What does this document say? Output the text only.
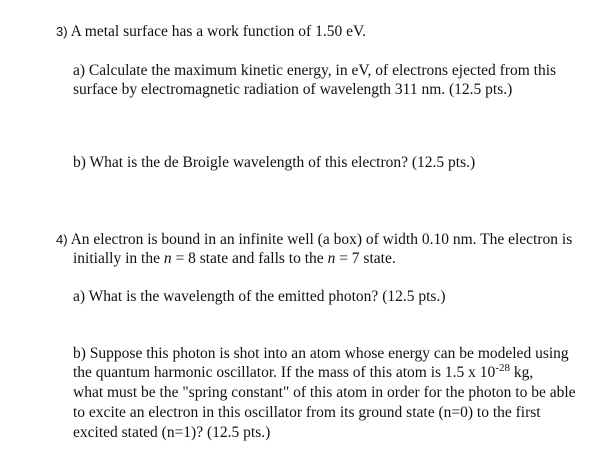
3) A metal surface has a work function of 1.50 eV.
a) Calculate the maximum kinetic energy, in eV, of electrons ejected from this
surface by electromagnetic radiation of wavelength 311 nm. (12.5 pts.)
b) What is the de Broigle wavelength of this electron? (12.5 pts.)
4) An electron is bound in an infinite well (a box) of width 0.10 nm. The electron is
initially in the n = 8 state and falls to the n = 7 state.
a) What is the wavelength of the emitted photon? (12.5 pts.)
b) Suppose this photon is shot into an atom whose energy can be modeled using
the quantum harmonic oscillator. If the mass of this atom is 1.5 x $10^{-28}$ kg,
what must be the "spring constant" of this atom in order for the photon to be able
to excite an electron in this oscillator from its ground state (n=0) to the first
excited stated (n=1)? (12.5 pts.)
